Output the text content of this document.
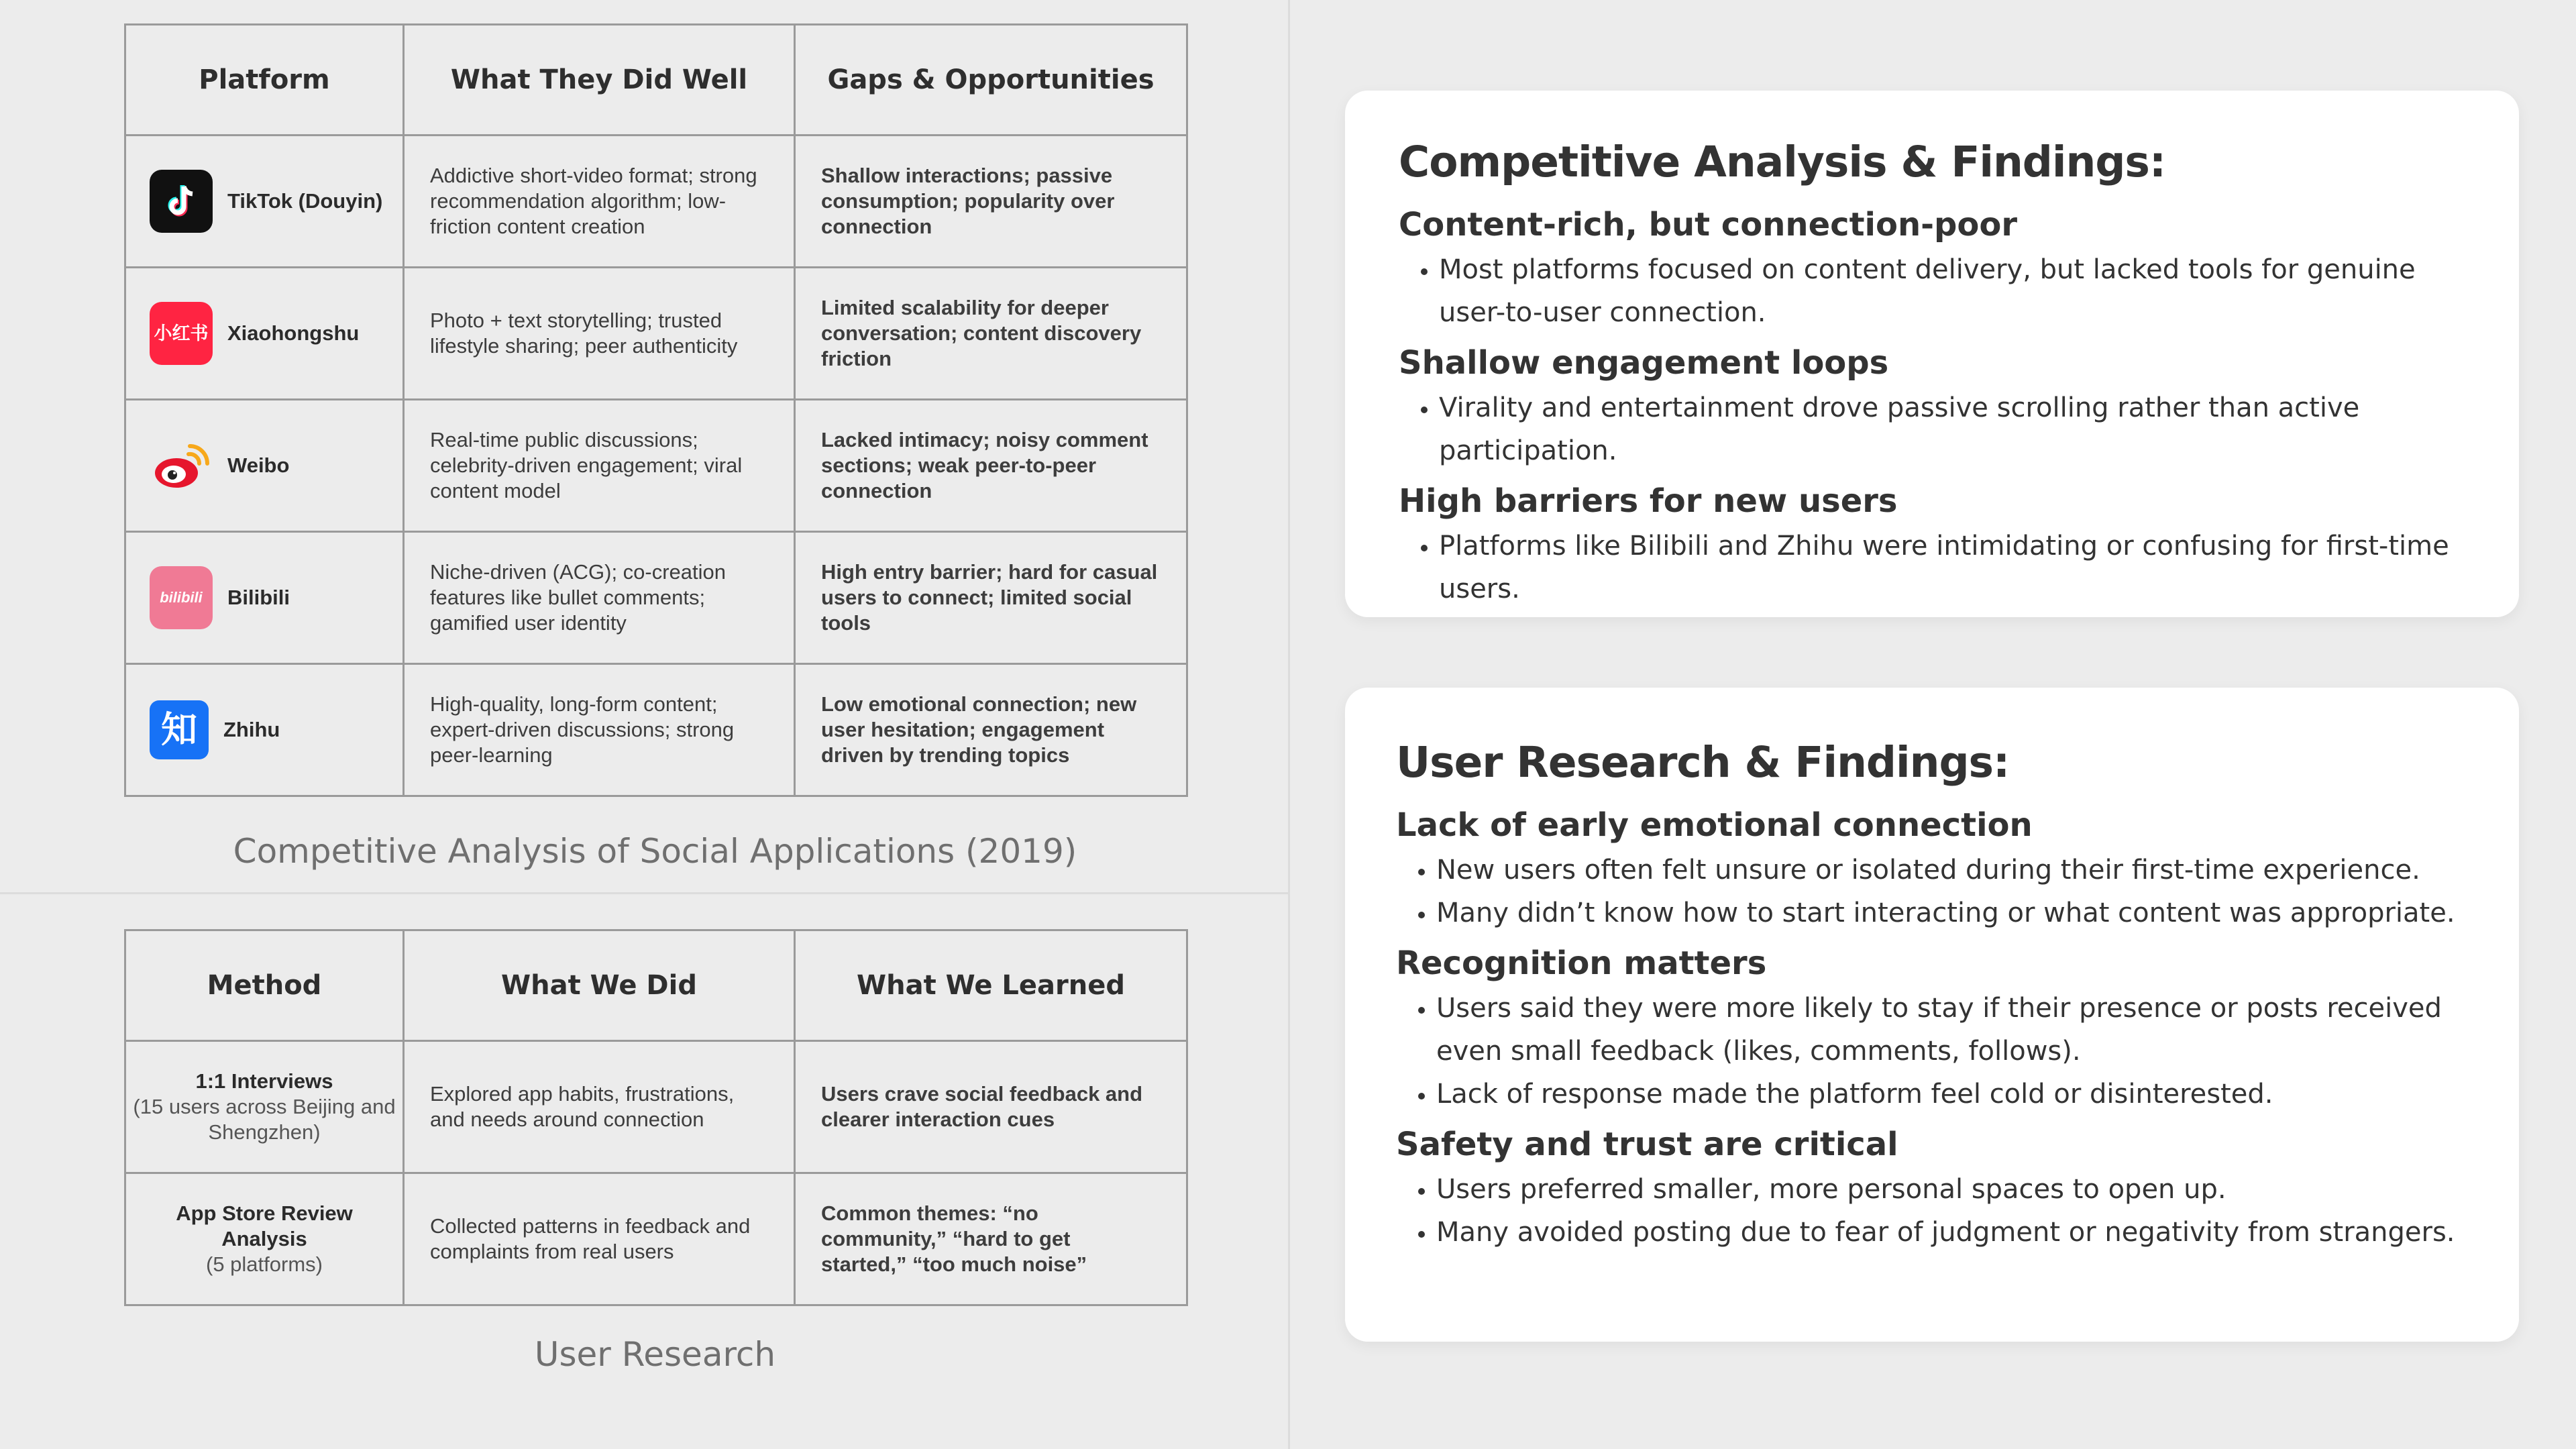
Platform	What They Did Well	Gaps & Opportunities

TikTok (Douyin)	Addictive short-video format; strong recommendation algorithm; low-friction content creation	Shallow interactions; passive consumption; popularity over connection

小红书 Xiaohongshu	Photo + text storytelling; trusted lifestyle sharing; peer authenticity	Limited scalability for deeper conversation; content discovery friction

Weibo	Real-time public discussions; celebrity-driven engagement; viral content model	Lacked intimacy; noisy comment sections; weak peer-to-peer connection

bilibili Bilibili	Niche-driven (ACG); co-creation features like bullet comments; gamified user identity	High entry barrier; hard for casual users to connect; limited social tools

知 Zhihu	High-quality, long-form content; expert-driven discussions; strong peer-learning	Low emotional connection; new user hesitation; engagement driven by trending topics
Competitive Analysis of Social Applications (2019)
Method	What We Did	What We Learned

1:1 Interviews
(15 users across Beijing and Shengzhen)	Explored app habits, frustrations, and needs around connection	Users crave social feedback and clearer interaction cues

App Store Review Analysis
(5 platforms)	Collected patterns in feedback and complaints from real users	Common themes: “no community,” “hard to get started,” “too much noise”
User Research
Competitive Analysis & Findings:
Content-rich, but connection-poor
• Most platforms focused on content delivery, but lacked tools for genuine user-to-user connection.
Shallow engagement loops
• Virality and entertainment drove passive scrolling rather than active participation.
High barriers for new users
• Platforms like Bilibili and Zhihu were intimidating or confusing for first-time users.
User Research & Findings:
Lack of early emotional connection
• New users often felt unsure or isolated during their first-time experience.
• Many didn’t know how to start interacting or what content was appropriate.
Recognition matters
• Users said they were more likely to stay if their presence or posts received even small feedback (likes, comments, follows).
• Lack of response made the platform feel cold or disinterested.
Safety and trust are critical
• Users preferred smaller, more personal spaces to open up.
• Many avoided posting due to fear of judgment or negativity from strangers.
